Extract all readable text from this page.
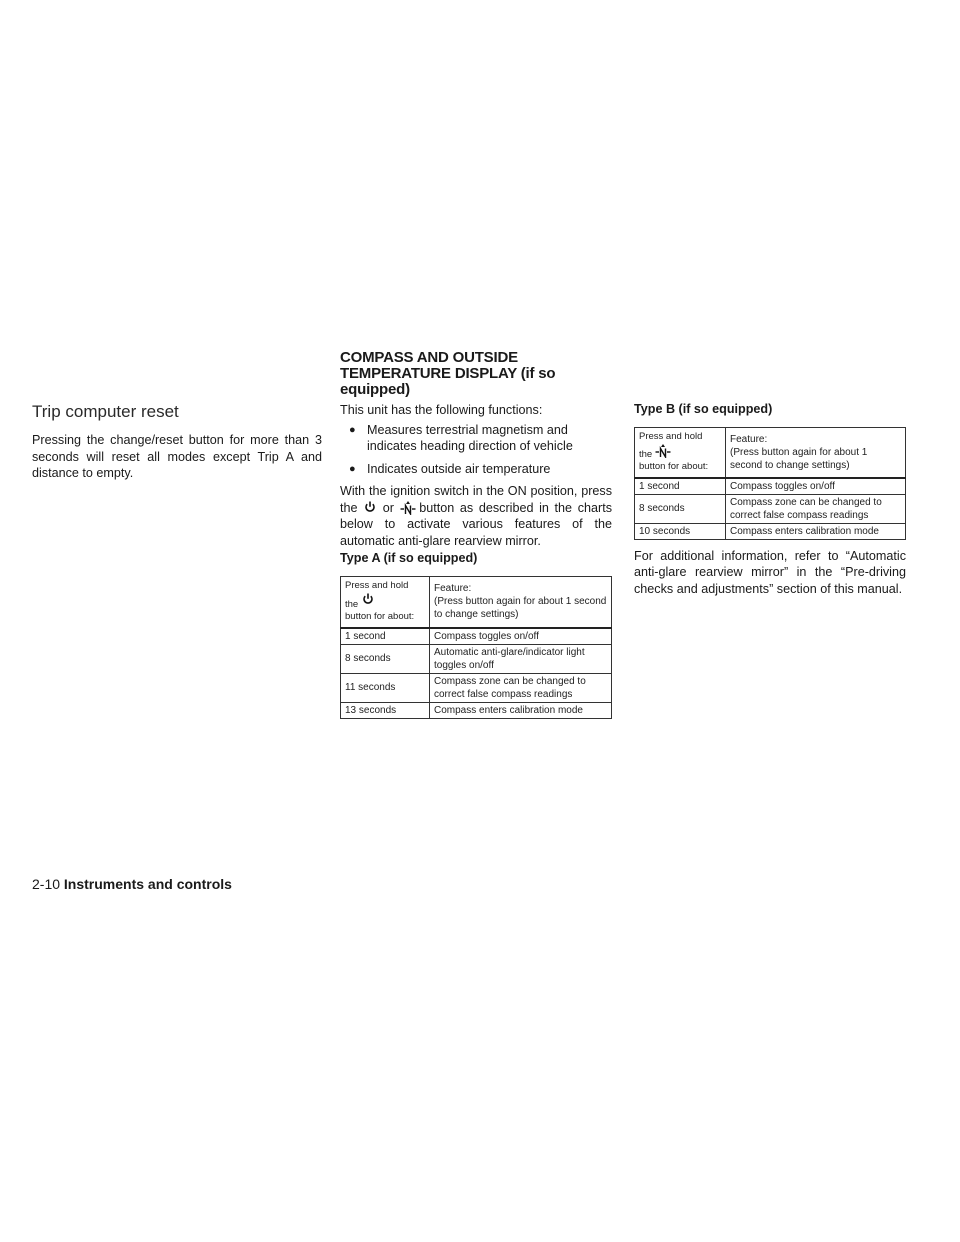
Trip computer reset

Pressing the change/reset button for more than 3 seconds will reset all modes except Trip A and distance to empty.

COMPASS AND OUTSIDE TEMPERATURE DISPLAY (if so equipped)

This unit has the following functions:

● Measures terrestrial magnetism and indicates heading direction of vehicle
● Indicates outside air temperature

With the ignition switch in the ON position, press the or button as described in the charts below to activate various features of the automatic anti-glare rearview mirror.

Type A (if so equipped)
Press and hold
the

button for about:	Feature:
(Press button again for about 1 second to change settings)
1 second	Compass toggles on/off
8 seconds	Automatic anti-glare/indicator light toggles on/off
11 seconds	Compass zone can be changed to correct false compass readings
13 seconds	Compass enters calibration mode
Type B (if so equipped)
Press and hold
the

button for about:	Feature:
(Press button again for about 1 second to change settings)
1 second	Compass toggles on/off
8 seconds	Compass zone can be changed to correct false compass readings
10 seconds	Compass enters calibration mode

For additional information, refer to “Automatic anti-glare rearview mirror” in the “Pre-driving checks and adjustments” section of this manual.

2-10 Instruments and controls
